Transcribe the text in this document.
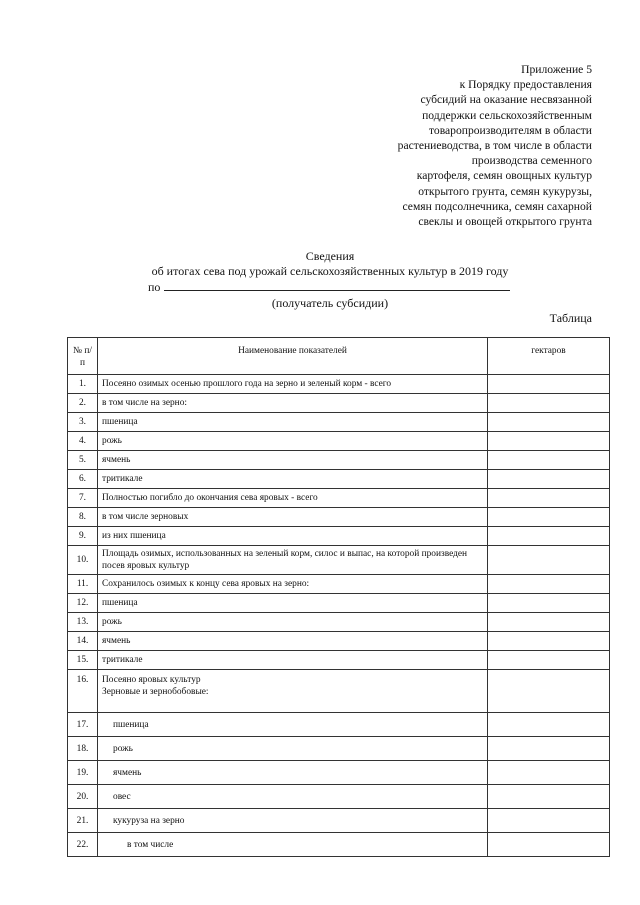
Приложение 5
к Порядку предоставления
субсидий на оказание несвязанной
поддержки сельскохозяйственным
товаропроизводителям в области
растениеводства, в том числе в области
производства семенного
картофеля, семян овощных культур
открытого грунта, семян кукурузы,
семян подсолнечника, семян сахарной
свеклы и овощей открытого грунта
Сведения
об итогах сева под урожай сельскохозяйственных культур в 2019 году
по
(получатель субсидии)
Таблица
№ п/п	Наименование показателей	гектаров
1.	Посеяно озимых осенью прошлого года на зерно и зеленый корм - всего	
2.	в том числе на зерно:	
3.	пшеница	
4.	рожь	
5.	ячмень	
6.	тритикале	
7.	Полностью погибло до окончания сева яровых - всего	
8.	в том числе зерновых	
9.	из них пшеница	
10.	Площадь озимых, использованных на зеленый корм, силос и выпас, на которой произведен посев яровых культур	
11.	Сохранилось озимых к концу сева яровых на зерно:	
12.	пшеница	
13.	рожь	
14.	ячмень	
15.	тритикале	
16.	Посеяно яровых культур
Зерновые и зернобобовые:	

17.	пшеница	
18.	рожь	
19.	ячмень	
20.	овес	
21.	кукуруза на зерно	
22.	в том числе	
